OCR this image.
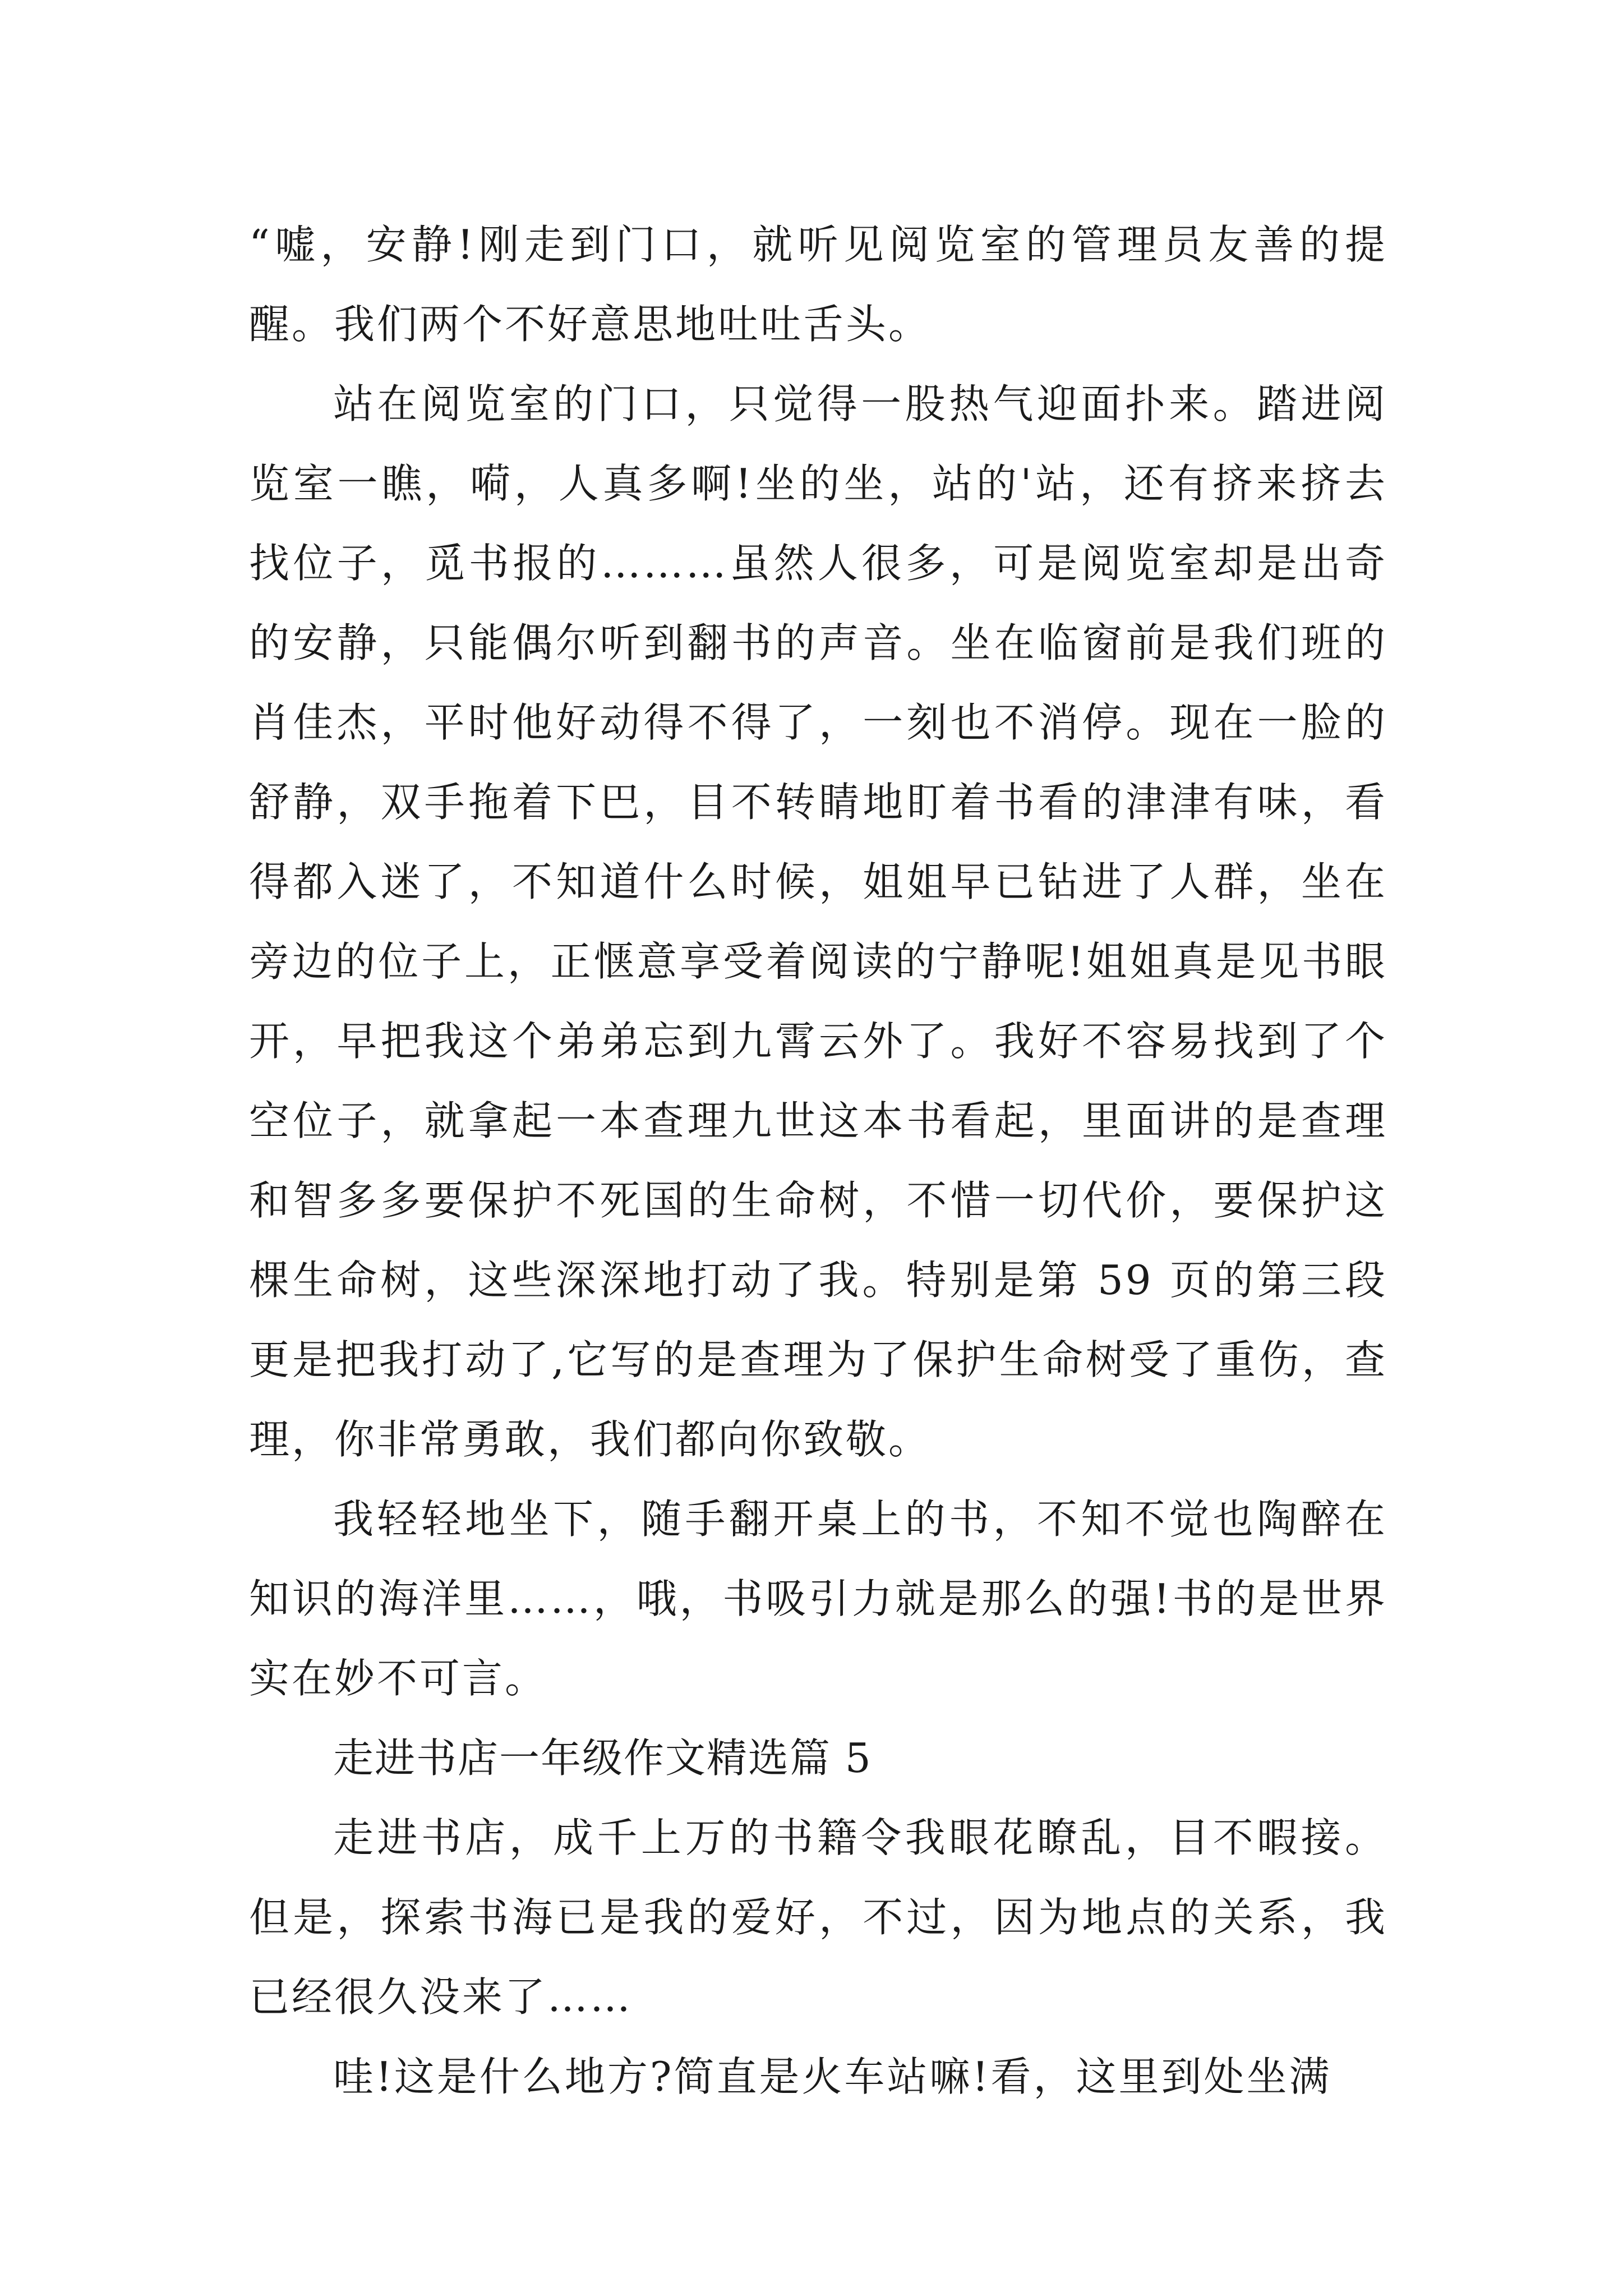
“嘘，安静!刚走到门口，就听见阅览室的管理员友善的提醒。我们两个不好意思地吐吐舌头。

站在阅览室的门口，只觉得一股热气迎面扑来。踏进阅览室一瞧，嗬，人真多啊!坐的坐，站的'站，还有挤来挤去找位子，觅书报的………虽然人很多，可是阅览室却是出奇的安静，只能偶尔听到翻书的声音。坐在临窗前是我们班的肖佳杰，平时他好动得不得了，一刻也不消停。现在一脸的舒静，双手拖着下巴，目不转睛地盯着书看的津津有味，看得都入迷了，不知道什么时候，姐姐早已钻进了人群，坐在旁边的位子上，正惬意享受着阅读的宁静呢!姐姐真是见书眼开，早把我这个弟弟忘到九霄云外了。我好不容易找到了个空位子，就拿起一本查理九世这本书看起，里面讲的是查理和智多多要保护不死国的生命树，不惜一切代价，要保护这棵生命树，这些深深地打动了我。特别是第 59 页的第三段更是把我打动了,它写的是查理为了保护生命树受了重伤，查理，你非常勇敢，我们都向你致敬。

我轻轻地坐下，随手翻开桌上的书，不知不觉也陶醉在知识的海洋里……，哦，书吸引力就是那么的强!书的是世界实在妙不可言。

走进书店一年级作文精选篇 5

走进书店，成千上万的书籍令我眼花瞭乱，目不暇接。但是，探索书海已是我的爱好，不过，因为地点的关系，我已经很久没来了……

哇!这是什么地方?简直是火车站嘛!看，这里到处坐满
